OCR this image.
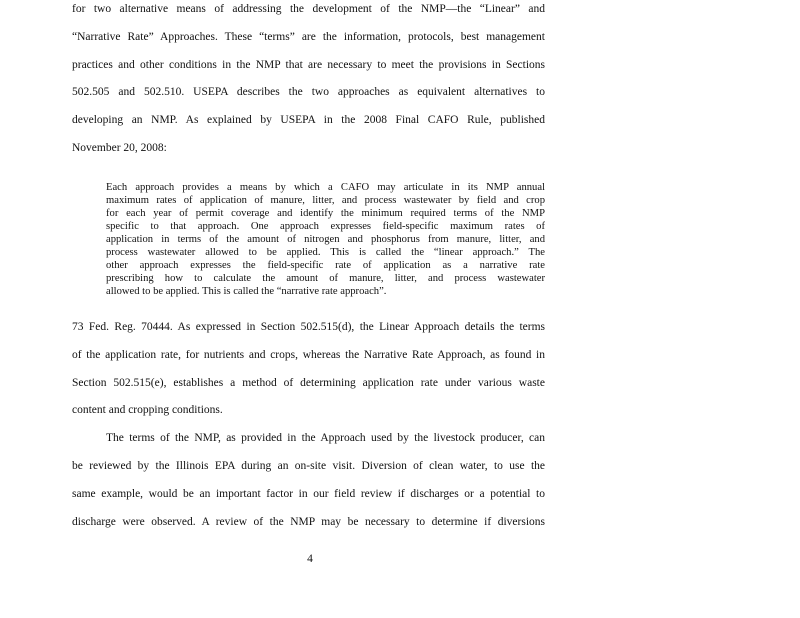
for two alternative means of addressing the development of the NMP—the “Linear” and
“Narrative Rate” Approaches. These “terms” are the information, protocols, best management
practices and other conditions in the NMP that are necessary to meet the provisions in Sections
502.505 and 502.510. USEPA describes the two approaches as equivalent alternatives to
developing an NMP. As explained by USEPA in the 2008 Final CAFO Rule, published
November 20, 2008:
Each approach provides a means by which a CAFO may articulate in its NMP annual
maximum rates of application of manure, litter, and process wastewater by field and crop
for each year of permit coverage and identify the minimum required terms of the NMP
specific to that approach. One approach expresses field-specific maximum rates of
application in terms of the amount of nitrogen and phosphorus from manure, litter, and
process wastewater allowed to be applied. This is called the “linear approach.” The
other approach expresses the field-specific rate of application as a narrative rate
prescribing how to calculate the amount of manure, litter, and process wastewater
allowed to be applied. This is called the “narrative rate approach”.
73 Fed. Reg. 70444. As expressed in Section 502.515(d), the Linear Approach details the terms
of the application rate, for nutrients and crops, whereas the Narrative Rate Approach, as found in
Section 502.515(e), establishes a method of determining application rate under various waste
content and cropping conditions.
The terms of the NMP, as provided in the Approach used by the livestock producer, can
be reviewed by the Illinois EPA during an on-site visit. Diversion of clean water, to use the
same example, would be an important factor in our field review if discharges or a potential to
discharge were observed. A review of the NMP may be necessary to determine if diversions
4
